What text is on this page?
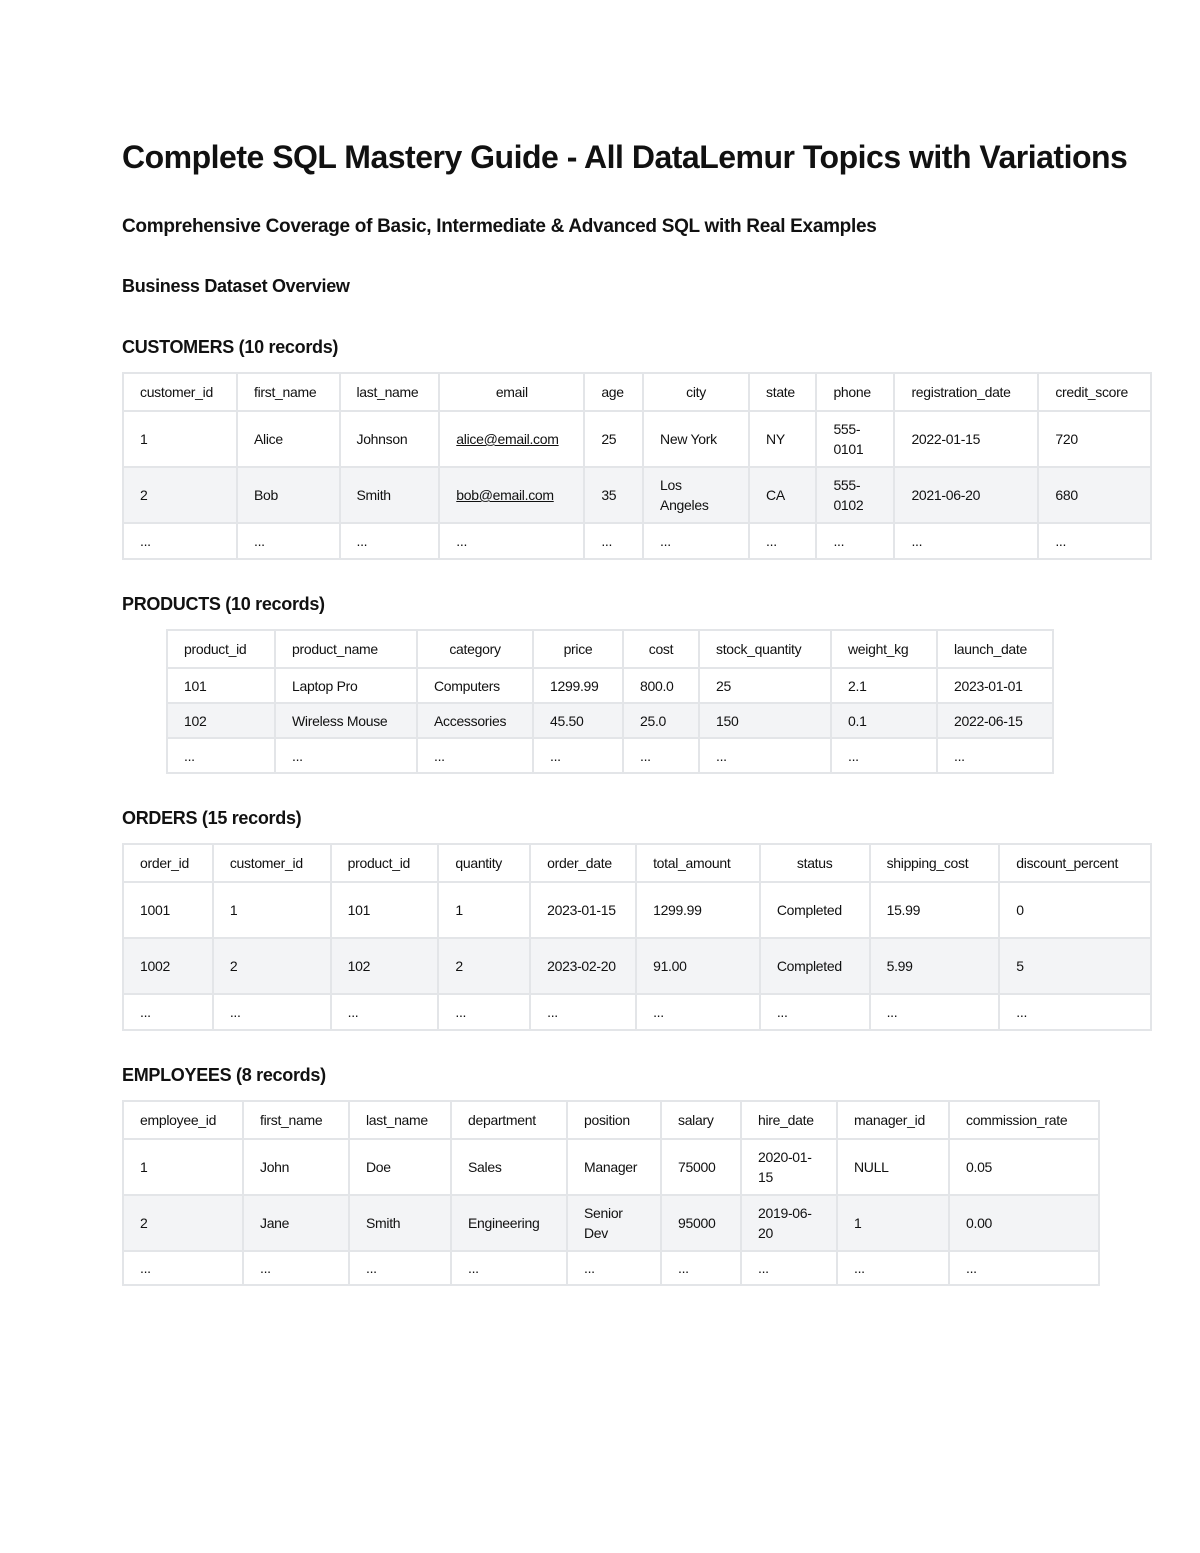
Complete SQL Mastery Guide - All DataLemur Topics with Variations
Comprehensive Coverage of Basic, Intermediate & Advanced SQL with Real Examples
Business Dataset Overview
CUSTOMERS (10 records)
customer_id	first_name	last_name	email	age	city	state	phone	registration_date	credit_score
1	Alice	Johnson	alice@email.com	25	New York	NY	555-0101	2022-01-15	720
2	Bob	Smith	bob@email.com	35	Los Angeles	CA	555-0102	2021-06-20	680
...	...	...	...	...	...	...	...	...	...
PRODUCTS (10 records)
product_id	product_name	category	price	cost	stock_quantity	weight_kg	launch_date
101	Laptop Pro	Computers	1299.99	800.0	25	2.1	2023-01-01
102	Wireless Mouse	Accessories	45.50	25.0	150	0.1	2022-06-15
...	...	...	...	...	...	...	...
ORDERS (15 records)
order_id	customer_id	product_id	quantity	order_date	total_amount	status	shipping_cost	discount_percent
1001	1	101	1	2023-01-15	1299.99	Completed	15.99	0
1002	2	102	2	2023-02-20	91.00	Completed	5.99	5
...	...	...	...	...	...	...	...	...
EMPLOYEES (8 records)
employee_id	first_name	last_name	department	position	salary	hire_date	manager_id	commission_rate
1	John	Doe	Sales	Manager	75000	2020-01-15	NULL	0.05
2	Jane	Smith	Engineering	Senior Dev	95000	2019-06-20	1	0.00
...	...	...	...	...	...	...	...	...
